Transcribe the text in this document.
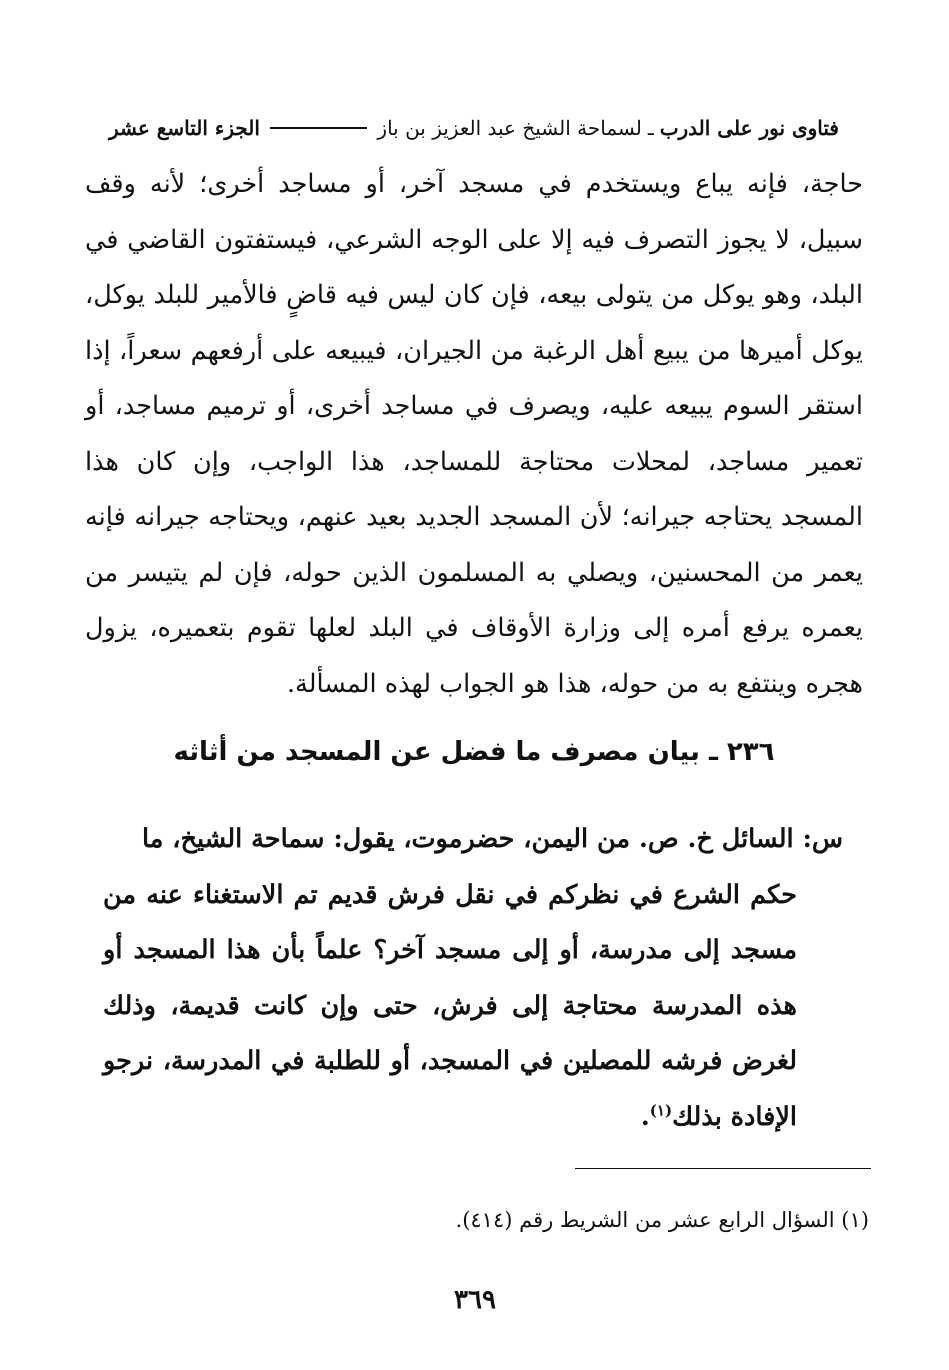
فتاوى نور على الدرب
ـ
لسماحة الشيخ عبد العزيز بن باز
الجزء التاسع عشر

حاجة، فإنه يباع ويستخدم في مسجد آخر، أو مساجد أخرى؛ لأنه وقف سبيل، لا يجوز التصرف فيه إلا على الوجه الشرعي، فيستفتون القاضي في البلد، وهو يوكل من يتولى بيعه، فإن كان ليس فيه قاضٍ فالأمير للبلد يوكل، يوكل أميرها من يبيع أهل الرغبة من الجيران، فيبيعه على أرفعهم سعراً، إذا استقر السوم يبيعه عليه، ويصرف في مساجد أخرى، أو ترميم مساجد، أو تعمير مساجد، لمحلات محتاجة للمساجد، هذا الواجب، وإن كان هذا المسجد يحتاجه جيرانه؛ لأن المسجد الجديد بعيد عنهم، ويحتاجه جيرانه فإنه يعمر من المحسنين، ويصلي به المسلمون الذين حوله، فإن لم يتيسر من يعمره يرفع أمره إلى وزارة الأوقاف في البلد لعلها تقوم بتعميره، يزول هجره وينتفع به من حوله، هذا هو الجواب لهذه المسألة.

٢٣٦ ـ بيان مصرف ما فضل عن المسجد من أثاثه

س: السائل خ. ص. من اليمن، حضرموت، يقول: سماحة الشيخ، ما

حكم الشرع في نظركم في نقل فرش قديم تم الاستغناء عنه من مسجد إلى مدرسة، أو إلى مسجد آخر؟ علماً بأن هذا المسجد أو هذه المدرسة محتاجة إلى فرش، حتى وإن كانت قديمة، وذلك لغرض فرشه للمصلين في المسجد، أو للطلبة في المدرسة، نرجو الإفادة بذلك$^{(١)}$.

(١) السؤال الرابع عشر من الشريط رقم (٤١٤).
٣٦٩
